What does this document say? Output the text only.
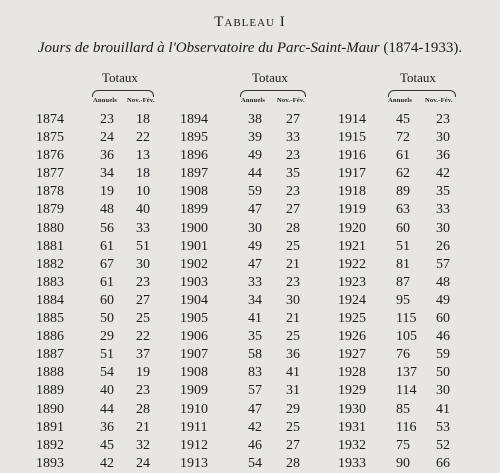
Tableau I
Jours de brouillard à l'Observatoire du Parc-Saint-Maur (1874-1933).
Totaux
Annuels Nov.-Fév.
1874	23 18
1875	24 22
1876	36 13
1877	34 18
1878	19 10
1879	48 40
1880	56 33
1881	61 51
1882	67 30
1883	61 23
1884	60 27
1885	50 25
1886	29 22
1887	51 37
1888	54 19
1889	40 23
1890	44 28
1891	36 21
1892	45 32
1893	42 24
Totaux
Annuels Nov.-Fév.
1894	38 27
1895	39 33
1896	49 23
1897	44 35
1908	59 23
1899	47 27
1900	30 28
1901	49 25
1902	47 21
1903	33 23
1904	34 30
1905	41 21
1906	35 25
1907	58 36
1908	83 41
1909	57 31
1910	47 29
1911	42 25
1912	46 27
1913	54 28
Totaux
Annuels Nov.-Fév.
1914 45 23
1915 72 30
1916 61 36
1917 62 42
1918 89 35
1919 63 33
1920 60 30
1921 51 26
1922 81 57
1923 87 48
1924 95 49
1925 115 60
1926 105 46
1927 76 59
1928 137 50
1929 114 30
1930 85 41
1931 116 53
1932 75 52
1933 90 66
